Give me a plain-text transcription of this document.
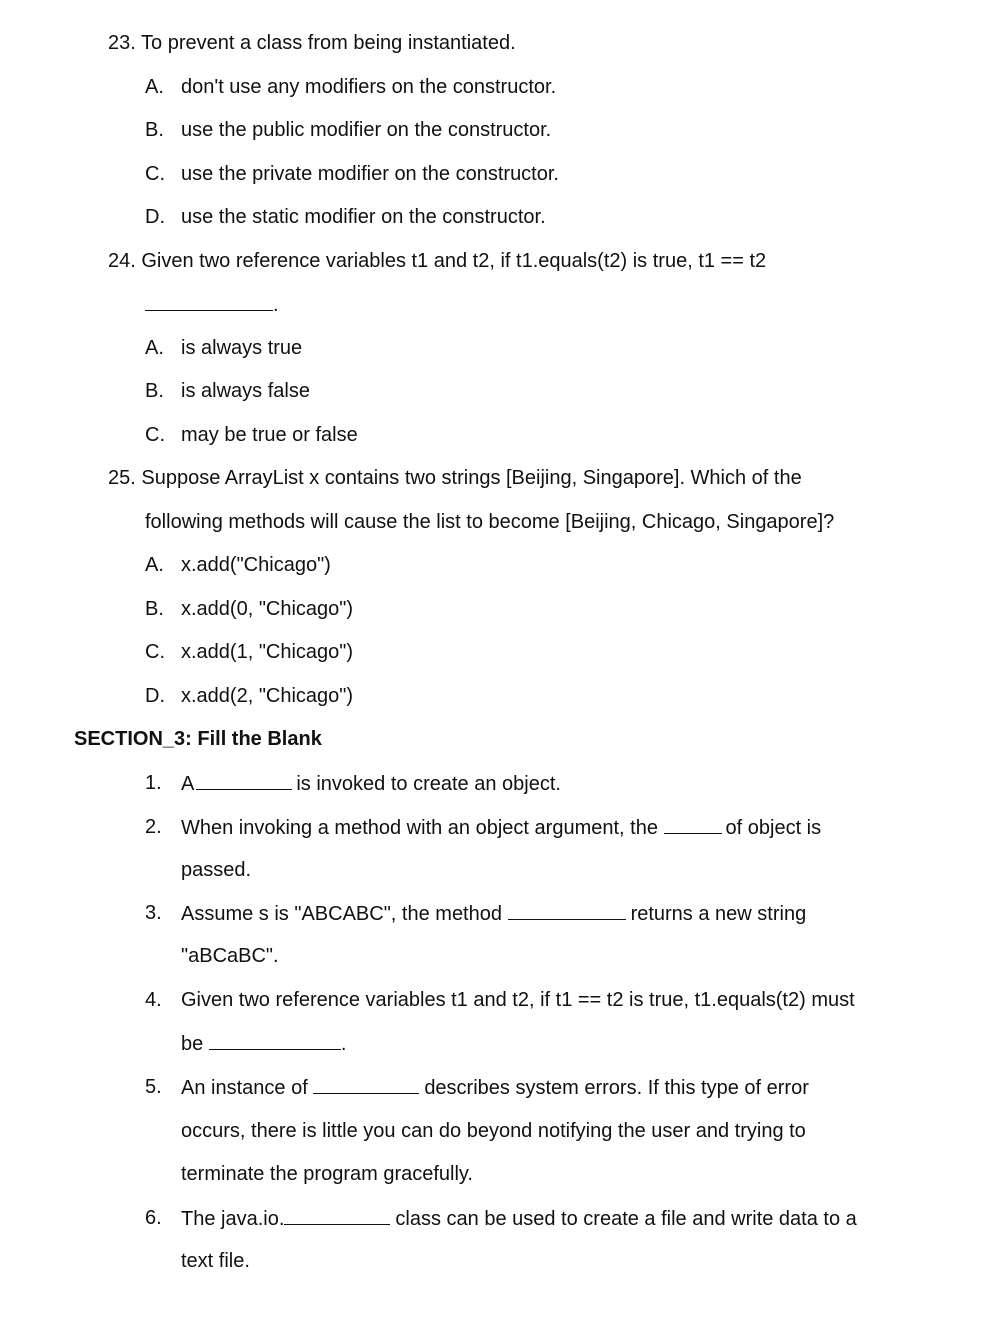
23. To prevent a class from being instantiated.
A. don't use any modifiers on the constructor.
B. use the public modifier on the constructor.
C. use the private modifier on the constructor.
D. use the static modifier on the constructor.
24. Given two reference variables t1 and t2, if t1.equals(t2) is true, t1 == t2
.
A. is always true
B. is always false
C. may be true or false
25. Suppose ArrayList x contains two strings [Beijing, Singapore]. Which of the
following methods will cause the list to become [Beijing, Chicago, Singapore]?
A. x.add("Chicago")
B. x.add(0, "Chicago")
C. x.add(1, "Chicago")
D. x.add(2, "Chicago")
SECTION_3: Fill the Blank
1. A	is invoked to create an object.
2. When invoking a method with an object argument, the	of object is
passed.
3. Assume s is "ABCABC", the method	returns a new string
"aBCaBC".
4. Given two reference variables t1 and t2, if t1 == t2 is true, t1.equals(t2) must
be	.
5. An instance of	describes system errors. If this type of error
occurs, there is little you can do beyond notifying the user and trying to
terminate the program gracefully.
6. The java.io.	class can be used to create a file and write data to a
text file.
